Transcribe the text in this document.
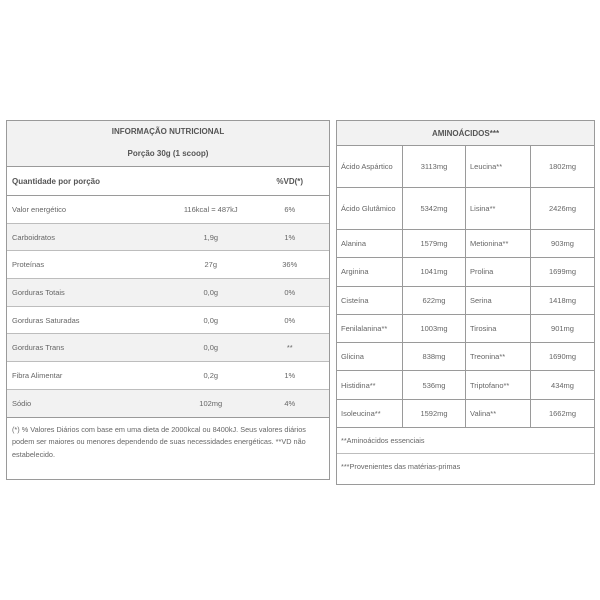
INFORMAÇÃO NUTRICIONAL
Porção 30g (1 scoop)
Quantidade por porção	%VD(*)
Valor energético	116kcal = 487kJ	6%
Carboidratos	1,9g	1%
Proteínas	27g	36%
Gorduras Totais	0,0g	0%
Gorduras Saturadas	0,0g	0%
Gorduras Trans	0,0g	**
Fibra Alimentar	0,2g	1%
Sódio	102mg	4%
(*) % Valores Diários com base em uma dieta de 2000kcal ou 8400kJ. Seus valores diários podem ser maiores ou menores dependendo de suas necessidades energéticas. **VD não estabelecido.
AMINOÁCIDOS***
Ácido Aspártico	3113mg	Leucina**	1802mg
Ácido Glutâmico	5342mg	Lisina**	2426mg
Alanina	1579mg	Metionina**	903mg
Arginina	1041mg	Prolina	1699mg
Cisteína	622mg	Serina	1418mg
Fenilalanina**	1003mg	Tirosina	901mg
Glicina	838mg	Treonina**	1690mg
Histidina**	536mg	Triptofano**	434mg
Isoleucina**	1592mg	Valina**	1662mg
**Aminoácidos essenciais
***Provenientes das matérias-primas
